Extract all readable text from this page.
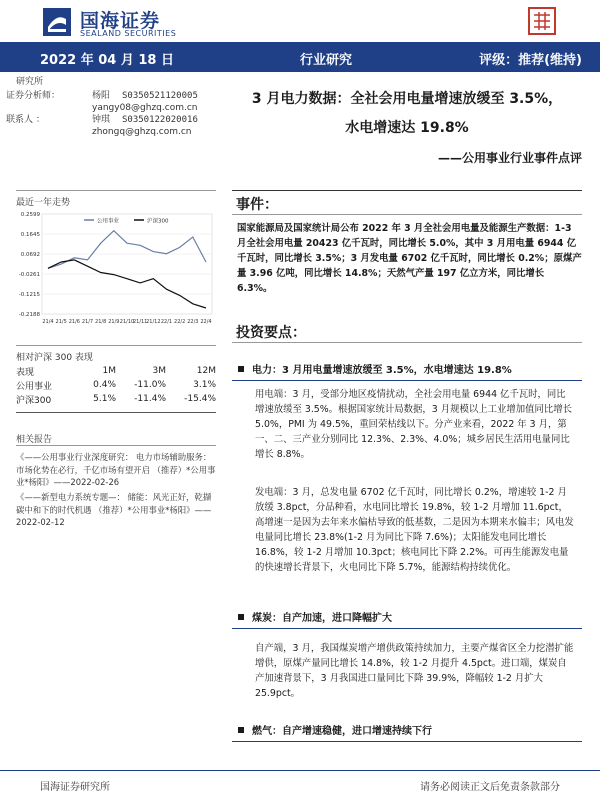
国海证券
SEALAND SECURITIES
2022 年 04 月 18 日	行业研究	评级：推荐(维持)
研究所
证券分析师：	杨阳 S0350521120005
yangy08@ghzq.com.cn
联系人 ：	钟琪 S0350122020016
zhongq@ghzq.com.cn
最近一年走势
0.2599
0.1645
0.0692
-0.0261
-0.1215
-0.2188
21/4 21/5 21/6 21/7 21/8 21/9 21/10
21/11
21/12 22/1 22/2 22/3 22/4
公用事业	沪深300
相对沪深 300 表现
表现	1M	3M	12M
公用事业	0.4%	-11.0%	3.1%
沪深300	5.1%	-11.4%	-15.4%
相关报告
《——公用事业行业深度研究： 电力市场辅助服务：市场化势在必行，千亿市场有望开启 （推荐）*公用事业*杨阳》——2022-02-26
《——新型电力系统专题—： 储能：风光正好，乾撷碳中和下的时代机遇 （推荐）*公用事业*杨阳》——2022-02-12
3 月电力数据：全社会用电量增速放缓至 3.5%，
水电增速达 19.8%
——公用事业行业事件点评
事件：
国家能源局及国家统计局公布 2022 年 3 月全社会用电量及能源生产数据：1-3 月全社会用电量 20423 亿千瓦时，同比增长 5.0%，其中 3 月用电量 6944 亿千瓦时，同比增长 3.5%；3 月发电量 6702 亿千瓦时，同比增长 0.2%；原煤产量 3.96 亿吨，同比增长 14.8%；天然气产量 197 亿立方米，同比增长 6.3%。
投资要点：
电力：3 月用电量增速放缓至 3.5%，水电增速达 19.8%
用电端：3 月，受部分地区疫情扰动，全社会用电量 6944 亿千瓦时，同比增速放缓至 3.5%。根据国家统计局数据，3 月规模以上工业增加值同比增长 5.0%，PMI 为 49.5%，重回荣枯线以下。分产业来看，2022 年 3 月，第一、二、三产业分别同比 12.3%、2.3%、4.0%；城乡居民生活用电量同比增长 8.8%。
发电端：3 月，总发电量 6702 亿千瓦时，同比增长 0.2%，增速较 1-2 月放缓 3.8pct，分品种看，水电同比增长 19.8%，较 1-2 月增加 11.6pct，高增速一是因为去年来水偏枯导致的低基数，二是因为本期来水偏丰；风电发电量同比增长 23.8%(1-2 月为同比下降 7.6%)；太阳能发电同比增长 16.8%，较 1-2 月增加 10.3pct；核电同比下降 2.2%。可再生能源发电量的快速增长背景下，火电同比下降 5.7%，能源结构持续优化。
煤炭：自产加速，进口降幅扩大
自产端，3 月，我国煤炭增产增供政策持续加力，主要产煤省区全力挖潜扩能增供，原煤产量同比增长 14.8%，较 1-2 月提升 4.5pct。进口端，煤炭自产加速背景下，3 月我国进口量同比下降 39.9%，降幅较 1-2 月扩大 25.9pct。
燃气：自产增速稳健，进口增速持续下行
国海证券研究所	请务必阅读正文后免责条款部分
